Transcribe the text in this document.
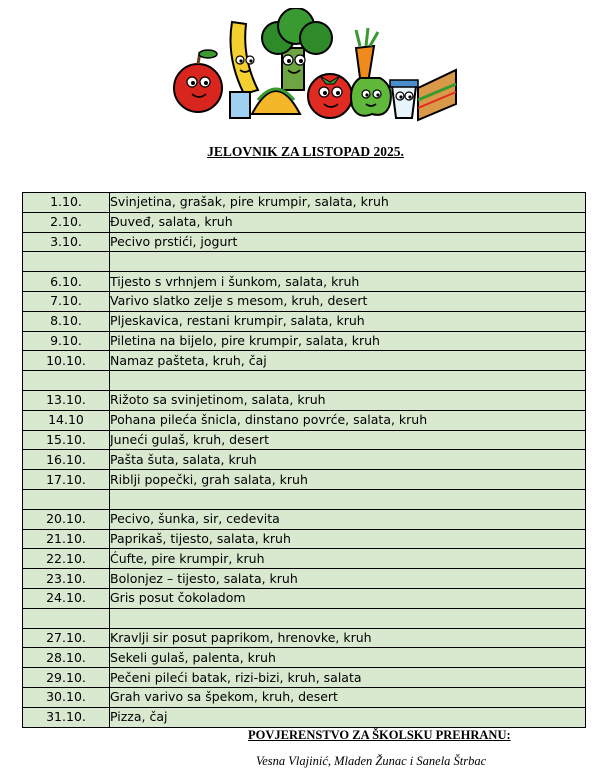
JELOVNIK ZA LISTOPAD 2025.
1.10.	Svinjetina, grašak, pire krumpir, salata, kruh
2.10.	Đuveđ, salata, kruh
3.10.	Pecivo prstići, jogurt

6.10.	Tijesto s vrhnjem i šunkom, salata, kruh
7.10.	Varivo slatko zelje s mesom, kruh, desert
8.10.	Pljeskavica, restani krumpir, salata, kruh
9.10.	Piletina na bijelo, pire krumpir, salata, kruh
10.10.	Namaz pašteta, kruh, čaj

13.10.	Rižoto sa svinjetinom, salata, kruh
14.10	Pohana pileća šnicla, dinstano povrće, salata, kruh
15.10.	Juneći gulaš, kruh, desert
16.10.	Pašta šuta, salata, kruh
17.10.	Riblji popečki, grah salata, kruh

20.10.	Pecivo, šunka, sir, cedevita
21.10.	Paprikaš, tijesto, salata, kruh
22.10.	Ćufte, pire krumpir, kruh
23.10.	Bolonjez – tijesto, salata, kruh
24.10.	Gris posut čokoladom

27.10.	Kravlji sir posut paprikom, hrenovke, kruh
28.10.	Sekeli gulaš, palenta, kruh
29.10.	Pečeni pileći batak, rizi-bizi, kruh, salata
30.10.	Grah varivo sa špekom, kruh, desert
31.10.	Pizza, čaj
POVJERENSTVO ZA ŠKOLSKU PREHRANU:
Vesna Vlajinić, Mladen Žunac i Sanela Štrbac
